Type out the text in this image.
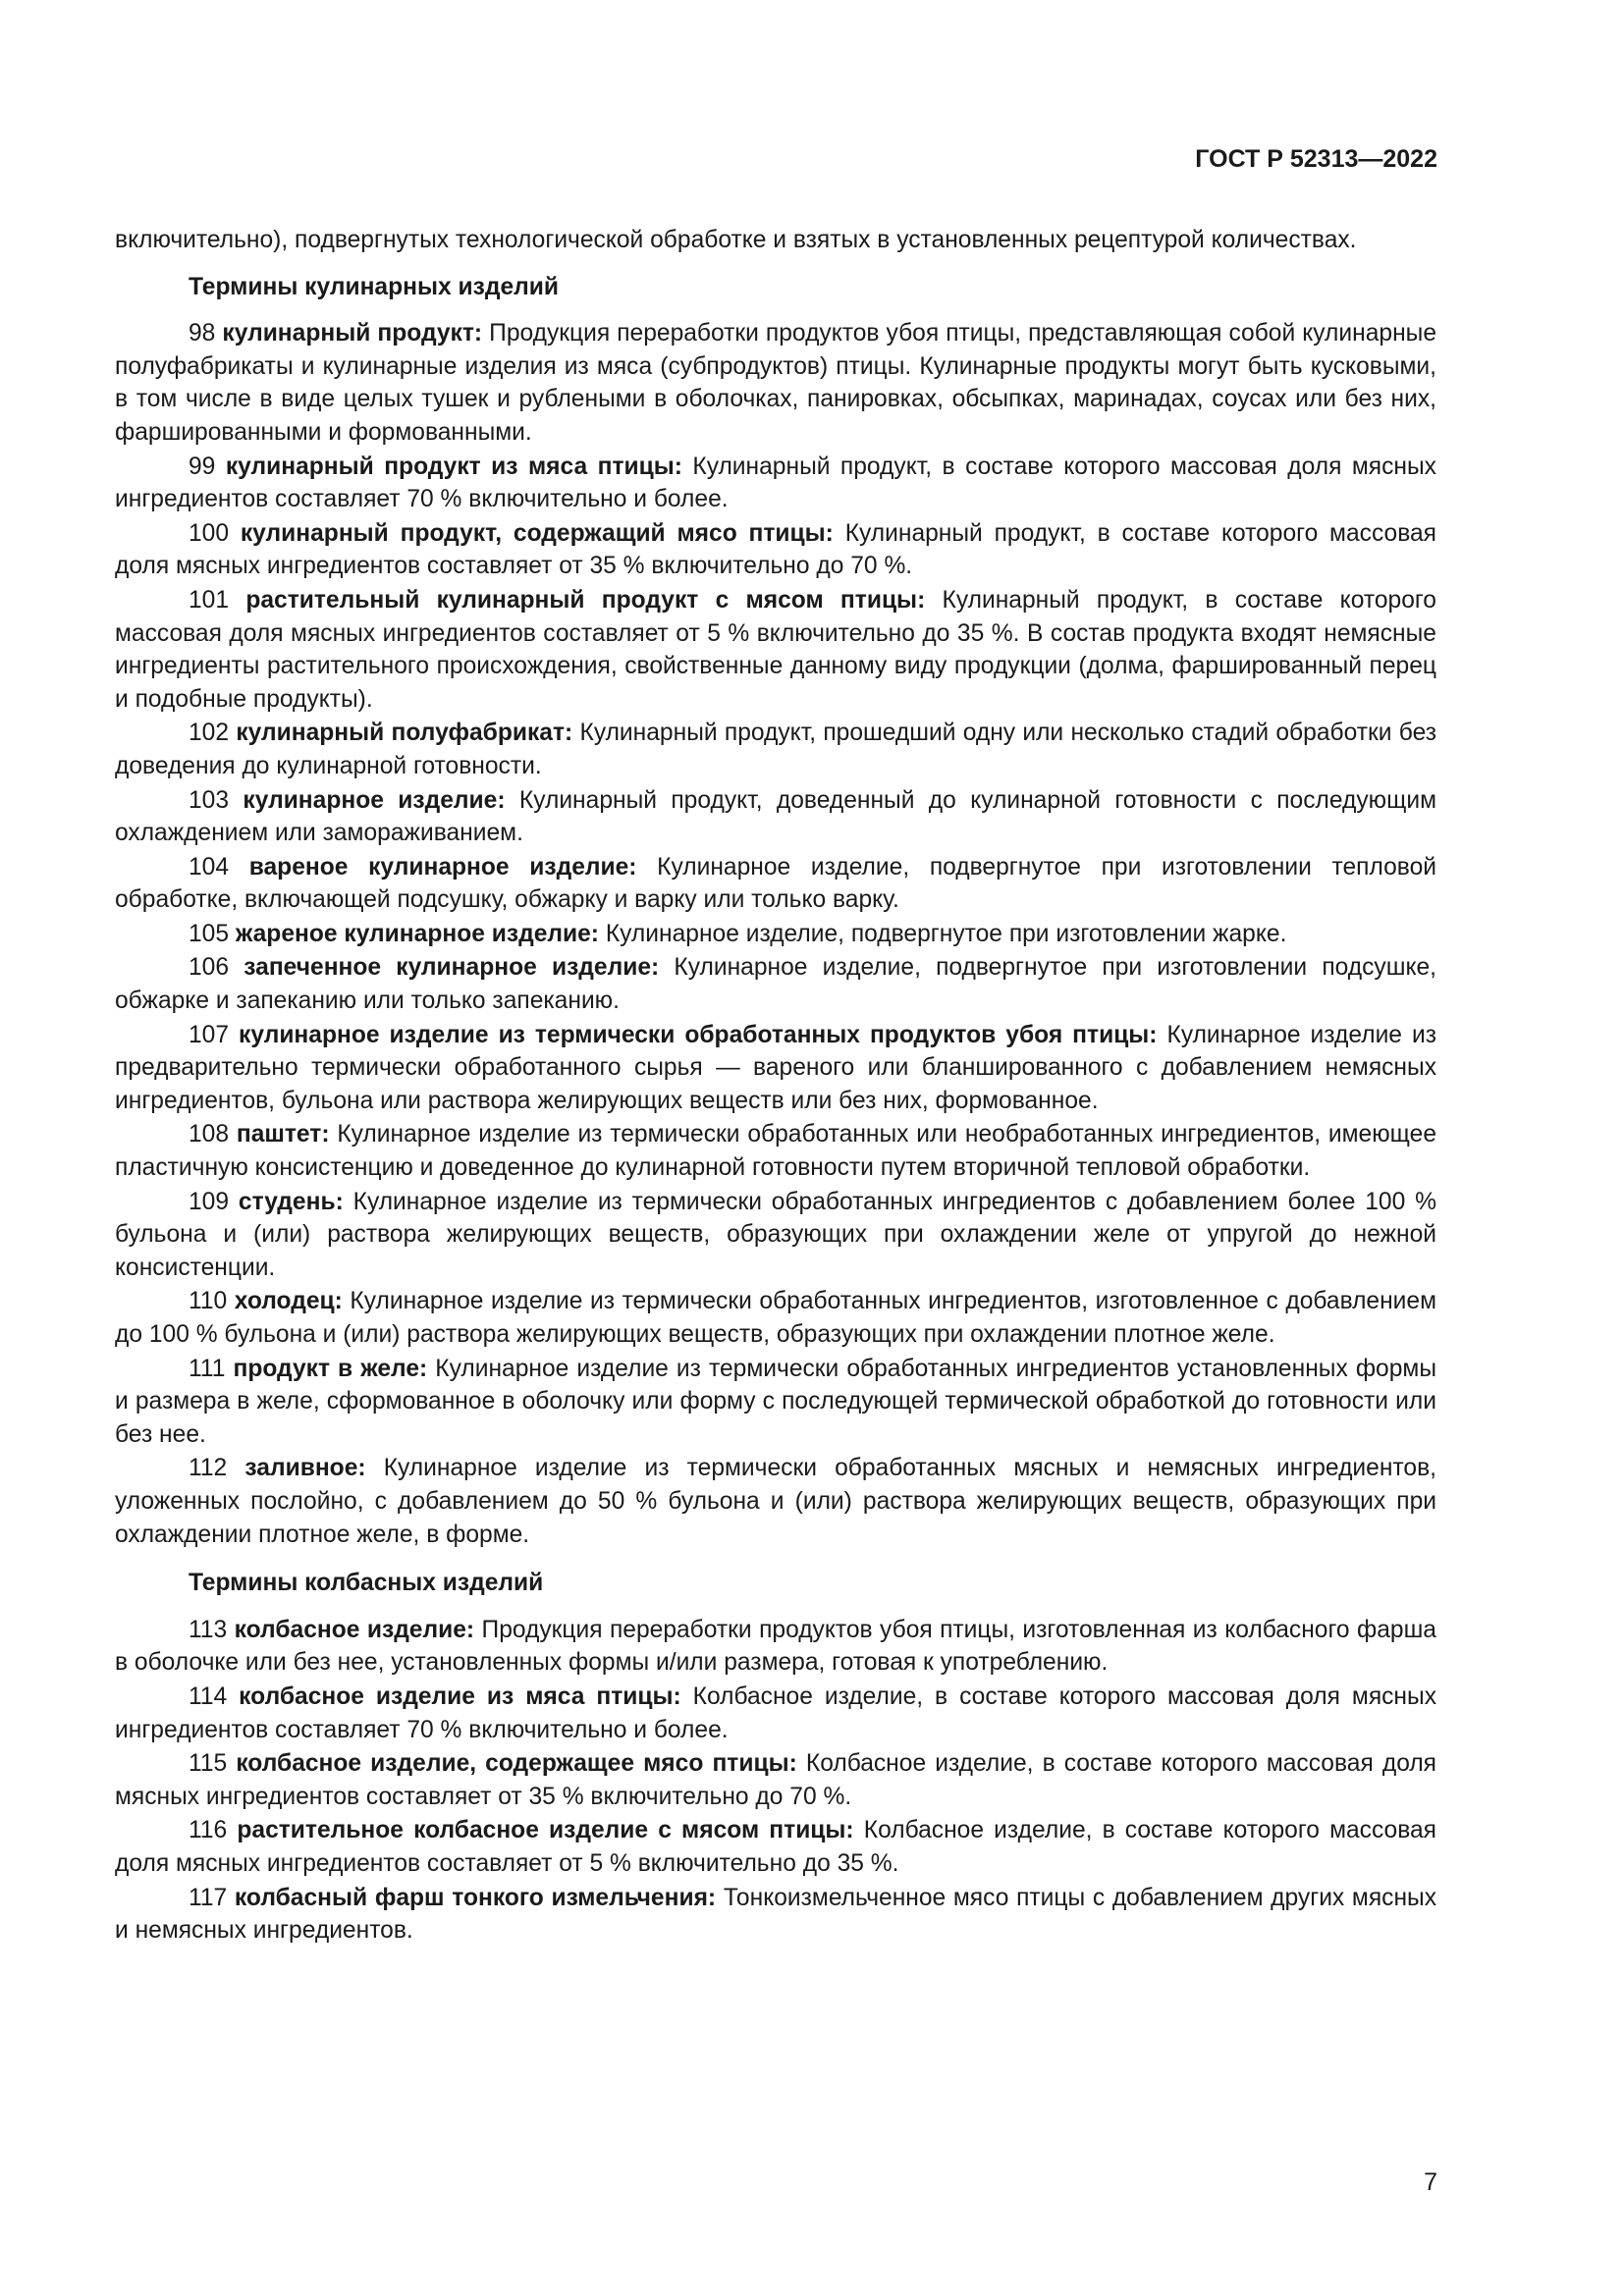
ГОСТ Р 52313—2022

включительно), подвергнутых технологической обработке и взятых в установленных рецептурой количествах.

Термины кулинарных изделий

98 кулинарный продукт: Продукция переработки продуктов убоя птицы, представляющая собой кулинарные полуфабрикаты и кулинарные изделия из мяса (субпродуктов) птицы. Кулинарные продукты могут быть кусковыми, в том числе в виде целых тушек и рублеными в оболочках, панировках, обсыпках, маринадах, соусах или без них, фаршированными и формованными.

99 кулинарный продукт из мяса птицы: Кулинарный продукт, в составе которого массовая доля мясных ингредиентов составляет 70 % включительно и более.

100 кулинарный продукт, содержащий мясо птицы: Кулинарный продукт, в составе которого массовая доля мясных ингредиентов составляет от 35 % включительно до 70 %.

101 растительный кулинарный продукт с мясом птицы: Кулинарный продукт, в составе которого массовая доля мясных ингредиентов составляет от 5 % включительно до 35 %. В состав продукта входят немясные ингредиенты растительного происхождения, свойственные данному виду продукции (долма, фаршированный перец и подобные продукты).

102 кулинарный полуфабрикат: Кулинарный продукт, прошедший одну или несколько стадий обработки без доведения до кулинарной готовности.

103 кулинарное изделие: Кулинарный продукт, доведенный до кулинарной готовности с последующим охлаждением или замораживанием.

104 вареное кулинарное изделие: Кулинарное изделие, подвергнутое при изготовлении тепловой обработке, включающей подсушку, обжарку и варку или только варку.

105 жареное кулинарное изделие: Кулинарное изделие, подвергнутое при изготовлении жарке.

106 запеченное кулинарное изделие: Кулинарное изделие, подвергнутое при изготовлении подсушке, обжарке и запеканию или только запеканию.

107 кулинарное изделие из термически обработанных продуктов убоя птицы: Кулинарное изделие из предварительно термически обработанного сырья — вареного или бланшированного с добавлением немясных ингредиентов, бульона или раствора желирующих веществ или без них, формованное.

108 паштет: Кулинарное изделие из термически обработанных или необработанных ингредиентов, имеющее пластичную консистенцию и доведенное до кулинарной готовности путем вторичной тепловой обработки.

109 студень: Кулинарное изделие из термически обработанных ингредиентов с добавлением более 100 % бульона и (или) раствора желирующих веществ, образующих при охлаждении желе от упругой до нежной консистенции.

110 холодец: Кулинарное изделие из термически обработанных ингредиентов, изготовленное с добавлением до 100 % бульона и (или) раствора желирующих веществ, образующих при охлаждении плотное желе.

111 продукт в желе: Кулинарное изделие из термически обработанных ингредиентов установленных формы и размера в желе, сформованное в оболочку или форму с последующей термической обработкой до готовности или без нее.

112 заливное: Кулинарное изделие из термически обработанных мясных и немясных ингредиентов, уложенных послойно, с добавлением до 50 % бульона и (или) раствора желирующих веществ, образующих при охлаждении плотное желе, в форме.

Термины колбасных изделий

113 колбасное изделие: Продукция переработки продуктов убоя птицы, изготовленная из колбасного фарша в оболочке или без нее, установленных формы и/или размера, готовая к употреблению.

114 колбасное изделие из мяса птицы: Колбасное изделие, в составе которого массовая доля мясных ингредиентов составляет 70 % включительно и более.

115 колбасное изделие, содержащее мясо птицы: Колбасное изделие, в составе которого массовая доля мясных ингредиентов составляет от 35 % включительно до 70 %.

116 растительное колбасное изделие с мясом птицы: Колбасное изделие, в составе которого массовая доля мясных ингредиентов составляет от 5 % включительно до 35 %.

117 колбасный фарш тонкого измельчения: Тонкоизмельченное мясо птицы с добавлением других мясных и немясных ингредиентов.

7
